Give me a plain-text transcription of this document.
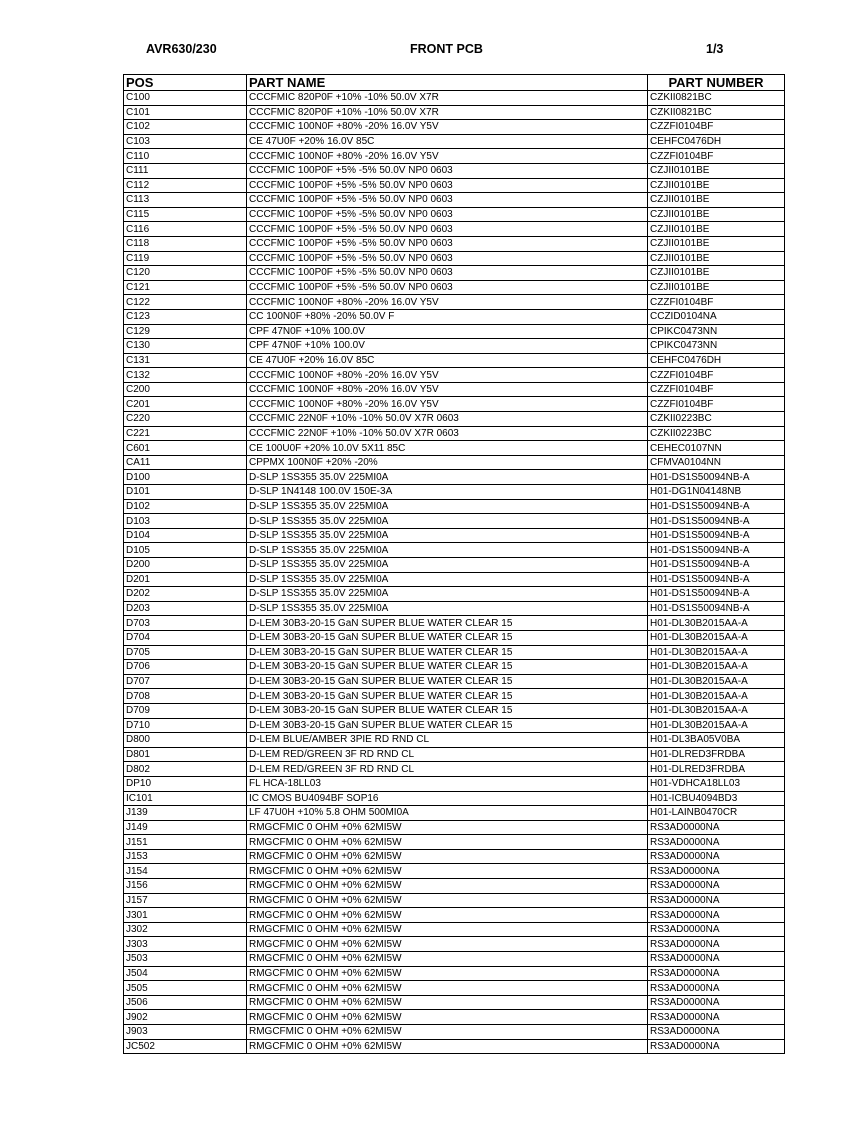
AVR630/230	FRONT PCB	1/3
POS	PART NAME	PART NUMBER
C100	CCCFMIC 820P0F +10% -10% 50.0V X7R	CZKII0821BC
C101	CCCFMIC 820P0F +10% -10% 50.0V X7R	CZKII0821BC
C102	CCCFMIC 100N0F +80% -20% 16.0V Y5V	CZZFI0104BF
C103	CE 47U0F +20% 16.0V 85C	CEHFC0476DH
C110	CCCFMIC 100N0F +80% -20% 16.0V Y5V	CZZFI0104BF
C111	CCCFMIC 100P0F +5% -5% 50.0V NP0 0603	CZJII0101BE
C112	CCCFMIC 100P0F +5% -5% 50.0V NP0 0603	CZJII0101BE
C113	CCCFMIC 100P0F +5% -5% 50.0V NP0 0603	CZJII0101BE
C115	CCCFMIC 100P0F +5% -5% 50.0V NP0 0603	CZJII0101BE
C116	CCCFMIC 100P0F +5% -5% 50.0V NP0 0603	CZJII0101BE
C118	CCCFMIC 100P0F +5% -5% 50.0V NP0 0603	CZJII0101BE
C119	CCCFMIC 100P0F +5% -5% 50.0V NP0 0603	CZJII0101BE
C120	CCCFMIC 100P0F +5% -5% 50.0V NP0 0603	CZJII0101BE
C121	CCCFMIC 100P0F +5% -5% 50.0V NP0 0603	CZJII0101BE
C122	CCCFMIC 100N0F +80% -20% 16.0V Y5V	CZZFI0104BF
C123	CC 100N0F +80% -20% 50.0V F	CCZID0104NA
C129	CPF 47N0F +10% 100.0V	CPIKC0473NN
C130	CPF 47N0F +10% 100.0V	CPIKC0473NN
C131	CE 47U0F +20% 16.0V 85C	CEHFC0476DH
C132	CCCFMIC 100N0F +80% -20% 16.0V Y5V	CZZFI0104BF
C200	CCCFMIC 100N0F +80% -20% 16.0V Y5V	CZZFI0104BF
C201	CCCFMIC 100N0F +80% -20% 16.0V Y5V	CZZFI0104BF
C220	CCCFMIC 22N0F +10% -10% 50.0V X7R 0603	CZKII0223BC
C221	CCCFMIC 22N0F +10% -10% 50.0V X7R 0603	CZKII0223BC
C601	CE 100U0F +20% 10.0V 5X11 85C	CEHEC0107NN
CA11	CPPMX 100N0F +20% -20%	CFMVA0104NN
D100	D-SLP 1SS355 35.0V 225MI0A	H01-DS1S50094NB-A
D101	D-SLP 1N4148 100.0V 150E-3A	H01-DG1N04148NB
D102	D-SLP 1SS355 35.0V 225MI0A	H01-DS1S50094NB-A
D103	D-SLP 1SS355 35.0V 225MI0A	H01-DS1S50094NB-A
D104	D-SLP 1SS355 35.0V 225MI0A	H01-DS1S50094NB-A
D105	D-SLP 1SS355 35.0V 225MI0A	H01-DS1S50094NB-A
D200	D-SLP 1SS355 35.0V 225MI0A	H01-DS1S50094NB-A
D201	D-SLP 1SS355 35.0V 225MI0A	H01-DS1S50094NB-A
D202	D-SLP 1SS355 35.0V 225MI0A	H01-DS1S50094NB-A
D203	D-SLP 1SS355 35.0V 225MI0A	H01-DS1S50094NB-A
D703	D-LEM 30B3-20-15 GaN SUPER BLUE WATER CLEAR 15	H01-DL30B2015AA-A
D704	D-LEM 30B3-20-15 GaN SUPER BLUE WATER CLEAR 15	H01-DL30B2015AA-A
D705	D-LEM 30B3-20-15 GaN SUPER BLUE WATER CLEAR 15	H01-DL30B2015AA-A
D706	D-LEM 30B3-20-15 GaN SUPER BLUE WATER CLEAR 15	H01-DL30B2015AA-A
D707	D-LEM 30B3-20-15 GaN SUPER BLUE WATER CLEAR 15	H01-DL30B2015AA-A
D708	D-LEM 30B3-20-15 GaN SUPER BLUE WATER CLEAR 15	H01-DL30B2015AA-A
D709	D-LEM 30B3-20-15 GaN SUPER BLUE WATER CLEAR 15	H01-DL30B2015AA-A
D710	D-LEM 30B3-20-15 GaN SUPER BLUE WATER CLEAR 15	H01-DL30B2015AA-A
D800	D-LEM BLUE/AMBER 3PIE RD RND CL	H01-DL3BA05V0BA
D801	D-LEM RED/GREEN 3F RD RND CL	H01-DLRED3FRDBA
D802	D-LEM RED/GREEN 3F RD RND CL	H01-DLRED3FRDBA
DP10	FL HCA-18LL03	H01-VDHCA18LL03
IC101	IC CMOS BU4094BF SOP16	H01-ICBU4094BD3
J139	LF 47U0H +10% 5.8 OHM 500MI0A	H01-LAINB0470CR
J149	RMGCFMIC 0 OHM +0% 62MI5W	RS3AD0000NA
J151	RMGCFMIC 0 OHM +0% 62MI5W	RS3AD0000NA
J153	RMGCFMIC 0 OHM +0% 62MI5W	RS3AD0000NA
J154	RMGCFMIC 0 OHM +0% 62MI5W	RS3AD0000NA
J156	RMGCFMIC 0 OHM +0% 62MI5W	RS3AD0000NA
J157	RMGCFMIC 0 OHM +0% 62MI5W	RS3AD0000NA
J301	RMGCFMIC 0 OHM +0% 62MI5W	RS3AD0000NA
J302	RMGCFMIC 0 OHM +0% 62MI5W	RS3AD0000NA
J303	RMGCFMIC 0 OHM +0% 62MI5W	RS3AD0000NA
J503	RMGCFMIC 0 OHM +0% 62MI5W	RS3AD0000NA
J504	RMGCFMIC 0 OHM +0% 62MI5W	RS3AD0000NA
J505	RMGCFMIC 0 OHM +0% 62MI5W	RS3AD0000NA
J506	RMGCFMIC 0 OHM +0% 62MI5W	RS3AD0000NA
J902	RMGCFMIC 0 OHM +0% 62MI5W	RS3AD0000NA
J903	RMGCFMIC 0 OHM +0% 62MI5W	RS3AD0000NA
JC502	RMGCFMIC 0 OHM +0% 62MI5W	RS3AD0000NA
